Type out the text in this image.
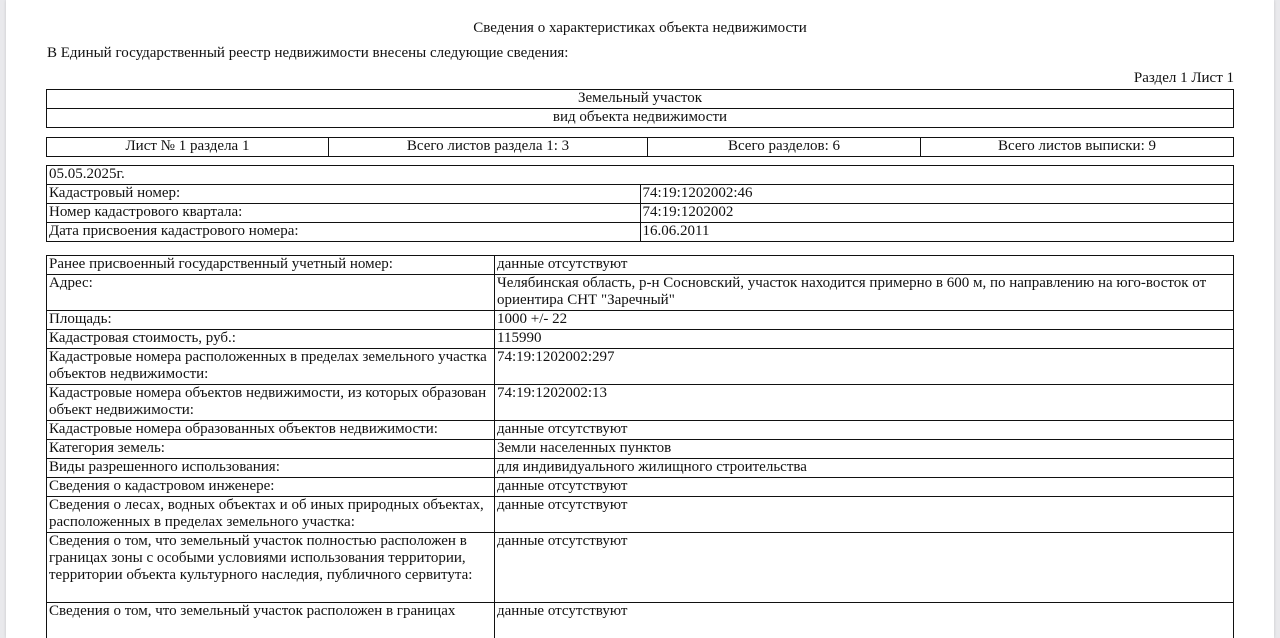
Сведения о характеристиках объекта недвижимости
В Единый государственный реестр недвижимости внесены следующие сведения:
Раздел 1 Лист 1
Земельный участок
вид объекта недвижимости
Лист № 1 раздела 1	Всего листов раздела 1: 3	Всего разделов: 6	Всего листов выписки: 9
05.05.2025г.	
Кадастровый номер:	74:19:1202002:46
Номер кадастрового квартала:	74:19:1202002
Дата присвоения кадастрового номера:	16.06.2011
Ранее присвоенный государственный учетный номер:	данные отсутствуют
Адрес:	Челябинская область, р-н Сосновский, участок находится примерно в 600 м, по направлению на юго-восток от ориентира СНТ "Заречный"
Площадь:	1000 +/- 22
Кадастровая стоимость, руб.:	115990
Кадастровые номера расположенных в пределах земельного участка объектов недвижимости:	74:19:1202002:297
Кадастровые номера объектов недвижимости, из которых образован объект недвижимости:	74:19:1202002:13
Кадастровые номера образованных объектов недвижимости:	данные отсутствуют
Категория земель:	Земли населенных пунктов
Виды разрешенного использования:	для индивидуального жилищного строительства
Сведения о кадастровом инженере:	данные отсутствуют
Сведения о лесах, водных объектах и об иных природных объектах, расположенных в пределах земельного участка:	данные отсутствуют
Сведения о том, что земельный участок полностью расположен в границах зоны с особыми условиями использования территории, территории объекта культурного наследия, публичного сервитута:	данные отсутствуют
Сведения о том, что земельный участок расположен в границах	данные отсутствуют
